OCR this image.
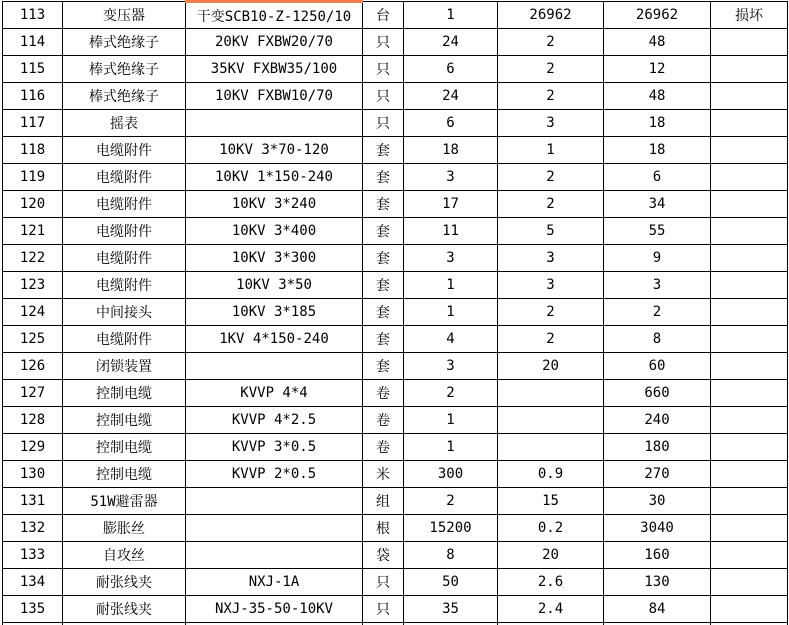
113	变压器	干变SCB10-Z-1250/10	台	1	26962	26962	损坏
114	棒式绝缘子	20KV FXBW20/70	只	24	2	48	
115	棒式绝缘子	35KV FXBW35/100	只	6	2	12	
116	棒式绝缘子	10KV FXBW10/70	只	24	2	48	
117	摇表		只	6	3	18	
118	电缆附件	10KV 3*70-120	套	18	1	18	
119	电缆附件	10KV 1*150-240	套	3	2	6	
120	电缆附件	10KV 3*240	套	17	2	34	
121	电缆附件	10KV 3*400	套	11	5	55	
122	电缆附件	10KV 3*300	套	3	3	9	
123	电缆附件	10KV 3*50	套	1	3	3	
124	中间接头	10KV 3*185	套	1	2	2	
125	电缆附件	1KV 4*150-240	套	4	2	8	
126	闭锁装置		套	3	20	60	
127	控制电缆	KVVP 4*4	卷	2		660	
128	控制电缆	KVVP 4*2.5	卷	1		240	
129	控制电缆	KVVP 3*0.5	卷	1		180	
130	控制电缆	KVVP 2*0.5	米	300	0.9	270	
131	51W避雷器		组	2	15	30	
132	膨胀丝		根	15200	0.2	3040	
133	自攻丝		袋	8	20	160	
134	耐张线夹	NXJ-1A	只	50	2.6	130	
135	耐张线夹	NXJ-35-50-10KV	只	35	2.4	84	
